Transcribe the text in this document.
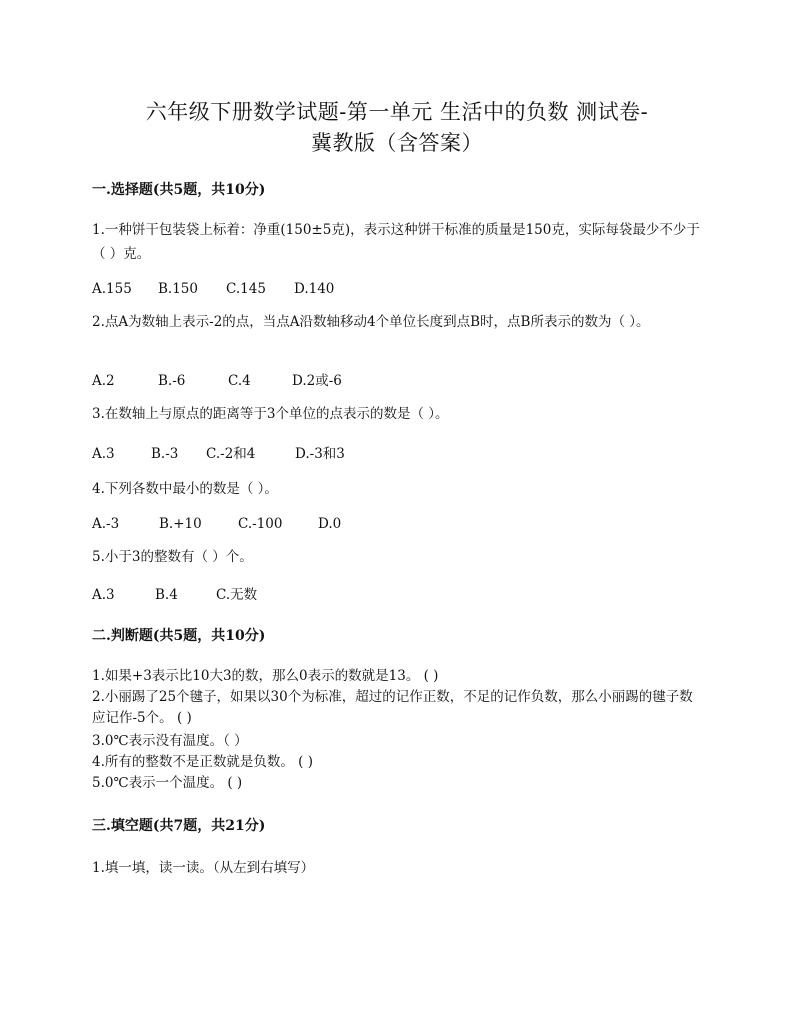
六年级下册数学试题-第一单元 生活中的负数 测试卷-
冀教版（含答案）
一.选择题(共5题，共10分)
1.一种饼干包装袋上标着：净重(150±5克)，表示这种饼干标准的质量是150克，实际每袋最少不少于（ ）克。
A.155 B.150 C.145 D.140
2.点A为数轴上表示-2的点，当点A沿数轴移动4个单位长度到点B时，点B所表示的数为（ ）。
A.2	B.-6	C.4	D.2或-6
3.在数轴上与原点的距离等于3个单位的点表示的数是（ ）。
A.3	B.-3 C.-2和4	D.-3和3
4.下列各数中最小的数是（ ）。
A.-3	B.+10	C.-100	D.0
5.小于3的整数有（ ）个。
A.3	B.4	C.无数
二.判断题(共5题，共10分)
1.如果+3表示比10大3的数，那么0表示的数就是13。 ( )
2.小丽踢了25个毽子，如果以30个为标准，超过的记作正数，不足的记作负数，那么小丽踢的毽子数应记作-5个。 ( )
3.0℃表示没有温度。（ ）
4.所有的整数不是正数就是负数。 ( )
5.0℃表示一个温度。 ( )
三.填空题(共7题，共21分)
1.填一填，读一读。（从左到右填写）
